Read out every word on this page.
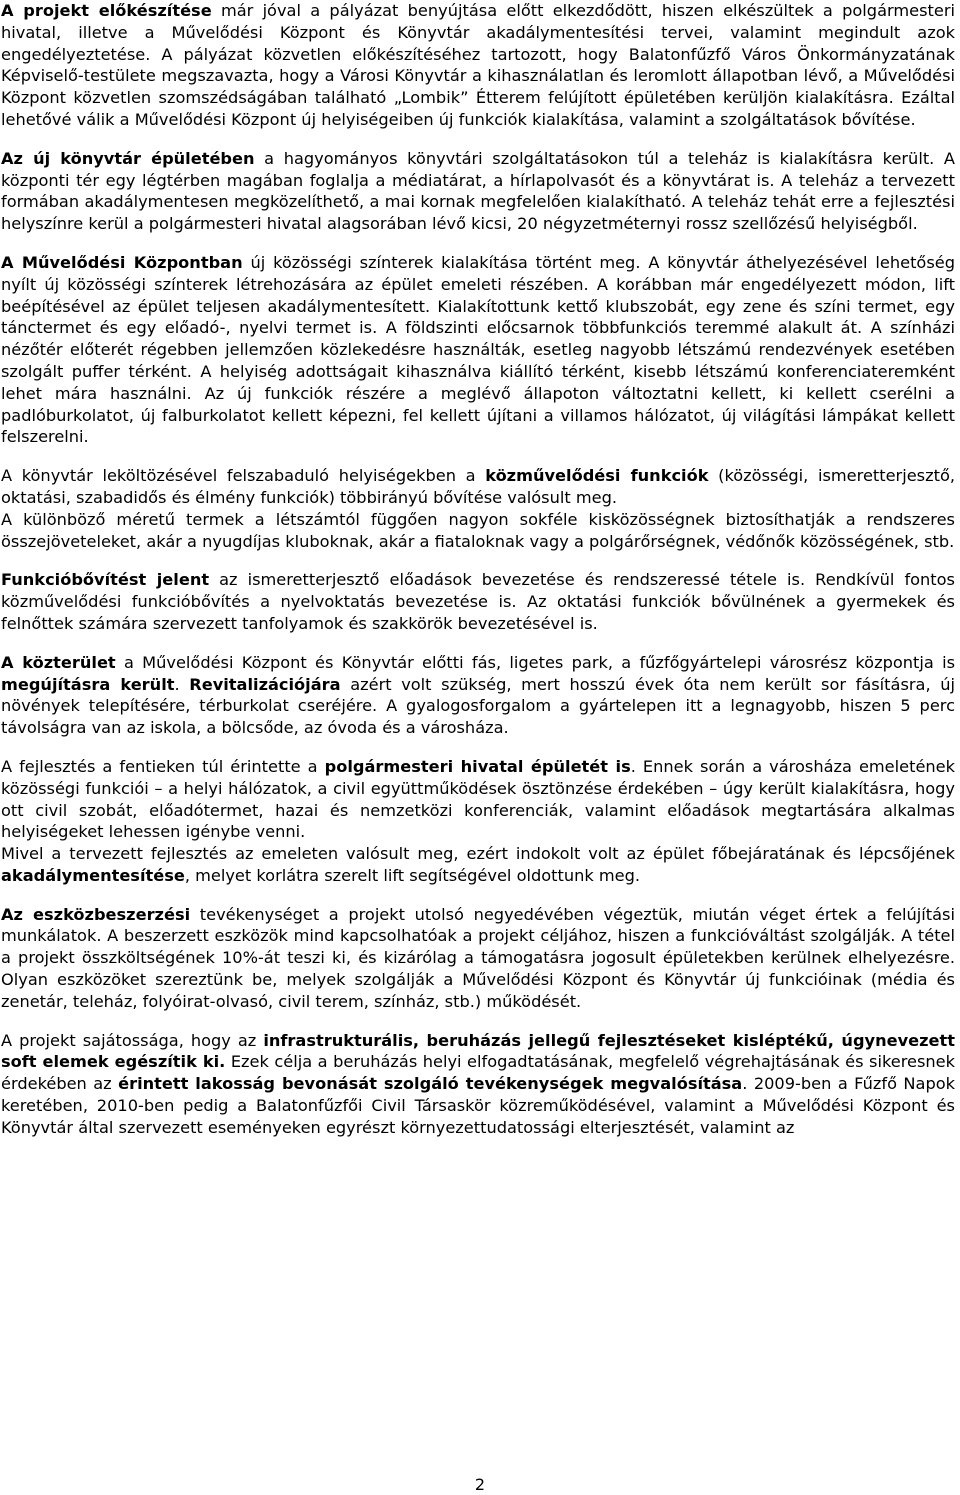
A projekt előkészítése már jóval a pályázat benyújtása előtt elkezdődött, hiszen elkészültek a polgármesteri hivatal, illetve a Művelődési Központ és Könyvtár akadálymentesítési tervei, valamint megindult azok engedélyeztetése. A pályázat közvetlen előkészítéséhez tartozott, hogy Balatonfűzfő Város Önkormányzatának Képviselő-testülete megszavazta, hogy a Városi Könyvtár a kihasználatlan és leromlott állapotban lévő, a Művelődési Központ közvetlen szomszédságában található „Lombik” Étterem felújított épületében kerüljön kialakításra. Ezáltal lehetővé válik a Művelődési Központ új helyiségeiben új funkciók kialakítása, valamint a szolgáltatások bővítése.

Az új könyvtár épületében a hagyományos könyvtári szolgáltatásokon túl a teleház is kialakításra került. A központi tér egy légtérben magában foglalja a médiatárat, a hírlapolvasót és a könyvtárat is. A teleház a tervezett formában akadálymentesen megközelíthető, a mai kornak megfelelően kialakítható. A teleház tehát erre a fejlesztési helyszínre kerül a polgármesteri hivatal alagsorában lévő kicsi, 20 négyzetméternyi rossz szellőzésű helyiségből.

A Művelődési Központban új közösségi színterek kialakítása történt meg. A könyvtár áthelyezésével lehetőség nyílt új közösségi színterek létrehozására az épület emeleti részében. A korábban már engedélyezett módon, lift beépítésével az épület teljesen akadálymentesített. Kialakítottunk kettő klubszobát, egy zene és színi termet, egy tánctermet és egy előadó-, nyelvi termet is. A földszinti előcsarnok többfunkciós teremmé alakult át. A színházi nézőtér előterét régebben jellemzően közlekedésre használták, esetleg nagyobb létszámú rendezvények esetében szolgált puffer térként. A helyiség adottságait kihasználva kiállító térként, kisebb létszámú konferenciateremként lehet mára használni. Az új funkciók részére a meglévő állapoton változtatni kellett, ki kellett cserélni a padlóburkolatot, új falburkolatot kellett képezni, fel kellett újítani a villamos hálózatot, új világítási lámpákat kellett felszerelni.

A könyvtár leköltözésével felszabaduló helyiségekben a közművelődési funkciók (közösségi, ismeretterjesztő, oktatási, szabadidős és élmény funkciók) többirányú bővítése valósult meg.

A különböző méretű termek a létszámtól függően nagyon sokféle kisközösségnek biztosíthatják a rendszeres összejöveteleket, akár a nyugdíjas kluboknak, akár a fiataloknak vagy a polgárőrségnek, védőnők közösségének, stb.

Funkcióbővítést jelent az ismeretterjesztő előadások bevezetése és rendszeressé tétele is. Rendkívül fontos közművelődési funkcióbővítés a nyelvoktatás bevezetése is. Az oktatási funkciók bővülnének a gyermekek és felnőttek számára szervezett tanfolyamok és szakkörök bevezetésével is.

A közterület a Művelődési Központ és Könyvtár előtti fás, ligetes park, a fűzfőgyártelepi városrész központja is megújításra került. Revitalizációjára azért volt szükség, mert hosszú évek óta nem került sor fásításra, új növények telepítésére, térburkolat cseréjére. A gyalogosforgalom a gyártelepen itt a legnagyobb, hiszen 5 perc távolságra van az iskola, a bölcsőde, az óvoda és a városháza.

A fejlesztés a fentieken túl érintette a polgármesteri hivatal épületét is. Ennek során a városháza emeletének közösségi funkciói – a helyi hálózatok, a civil együttműködések ösztönzése érdekében – úgy került kialakításra, hogy ott civil szobát, előadótermet, hazai és nemzetközi konferenciák, valamint előadások megtartására alkalmas helyiségeket lehessen igénybe venni.

Mivel a tervezett fejlesztés az emeleten valósult meg, ezért indokolt volt az épület főbejáratának és lépcsőjének akadálymentesítése, melyet korlátra szerelt lift segítségével oldottunk meg.

Az eszközbeszerzési tevékenységet a projekt utolsó negyedévében végeztük, miután véget értek a felújítási munkálatok. A beszerzett eszközök mind kapcsolhatóak a projekt céljához, hiszen a funkcióváltást szolgálják. A tétel a projekt összköltségének 10%-át teszi ki, és kizárólag a támogatásra jogosult épületekben kerülnek elhelyezésre. Olyan eszközöket szereztünk be, melyek szolgálják a Művelődési Központ és Könyvtár új funkcióinak (média és zenetár, teleház, folyóirat-olvasó, civil terem, színház, stb.) működését.

A projekt sajátossága, hogy az infrastrukturális, beruházás jellegű fejlesztéseket kisléptékű, úgynevezett soft elemek egészítik ki. Ezek célja a beruházás helyi elfogadtatásának, megfelelő végrehajtásának és sikeresnek érdekében az érintett lakosság bevonását szolgáló tevékenységek megvalósítása. 2009-ben a Fűzfő Napok keretében, 2010-ben pedig a Balatonfűzfői Civil Társaskör közreműködésével, valamint a Művelődési Központ és Könyvtár által szervezett eseményeken egyrészt környezettudatossági elterjesztését, valamint az

2
